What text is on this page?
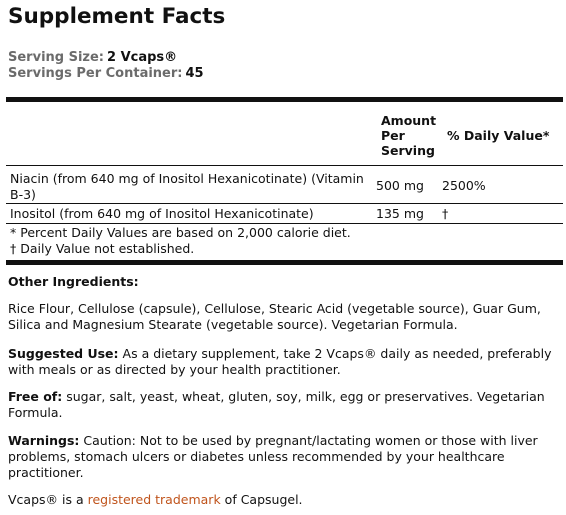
Supplement Facts
Serving Size: 2 Vcaps®
Servings Per Container: 45
Amount Per Serving
% Daily Value*
Niacin (from 640 mg of Inositol Hexanicotinate) (Vitamin B-3)
500 mg 2500%
Inositol (from 640 mg of Inositol Hexanicotinate)	135 mg †
* Percent Daily Values are based on 2,000 calorie diet.
† Daily Value not established.
Other Ingredients:
Rice Flour, Cellulose (capsule), Cellulose, Stearic Acid (vegetable source), Guar Gum, Silica and Magnesium Stearate (vegetable source). Vegetarian Formula.
Suggested Use: As a dietary supplement, take 2 Vcaps® daily as needed, preferably with meals or as directed by your health practitioner.
Free of: sugar, salt, yeast, wheat, gluten, soy, milk, egg or preservatives. Vegetarian Formula.
Warnings: Caution: Not to be used by pregnant/lactating women or those with liver problems, stomach ulcers or diabetes unless recommended by your healthcare practitioner.
Vcaps® is a registered trademark of Capsugel.
